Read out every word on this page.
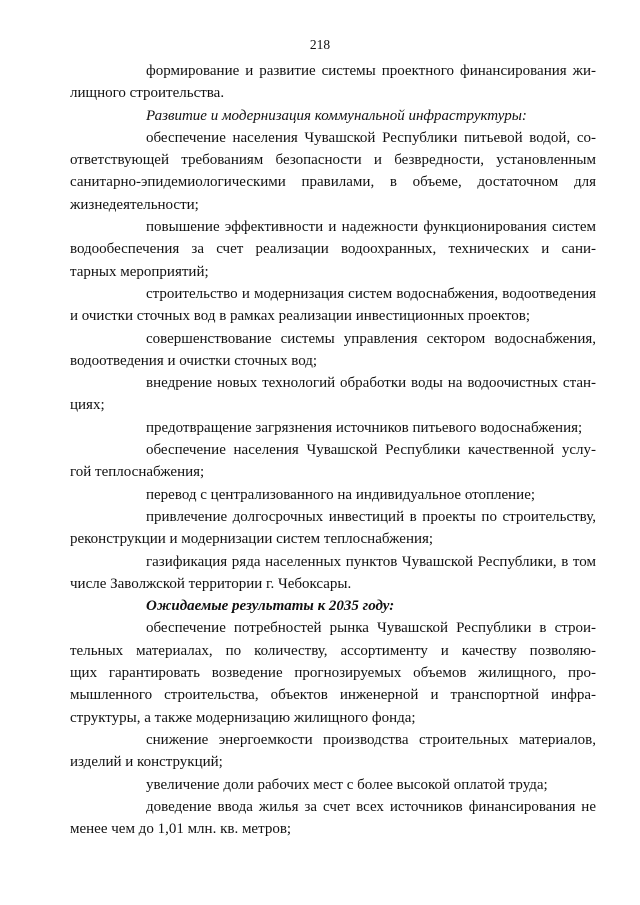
218
формирование и развитие системы проектного финансирования жи-
лищного строительства.
Развитие и модернизация коммунальной инфраструктуры:
обеспечение населения Чувашской Республики питьевой водой, со-
ответствующей требованиям безопасности и безвредности, установленным
санитарно-эпидемиологическими правилами, в объеме, достаточном для
жизнедеятельности;
повышение эффективности и надежности функционирования систем
водообеспечения за счет реализации водоохранных, технических и сани-
тарных мероприятий;
строительство и модернизация систем водоснабжения, водоотведения
и очистки сточных вод в рамках реализации инвестиционных проектов;
совершенствование системы управления сектором водоснабжения,
водоотведения и очистки сточных вод;
внедрение новых технологий обработки воды на водоочистных стан-
циях;
предотвращение загрязнения источников питьевого водоснабжения;
обеспечение населения Чувашской Республики качественной услу-
гой теплоснабжения;
перевод с централизованного на индивидуальное отопление;
привлечение долгосрочных инвестиций в проекты по строительству,
реконструкции и модернизации систем теплоснабжения;
газификация ряда населенных пунктов Чувашской Республики, в том
числе Заволжской территории г. Чебоксары.
Ожидаемые результаты к 2035 году:
обеспечение потребностей рынка Чувашской Республики в строи-
тельных материалах, по количеству, ассортименту и качеству позволяю-
щих гарантировать возведение прогнозируемых объемов жилищного, про-
мышленного строительства, объектов инженерной и транспортной инфра-
структуры, а также модернизацию жилищного фонда;
снижение энергоемкости производства строительных материалов,
изделий и конструкций;
увеличение доли рабочих мест с более высокой оплатой труда;
доведение ввода жилья за счет всех источников финансирования не
менее чем до 1,01 млн. кв. метров;
